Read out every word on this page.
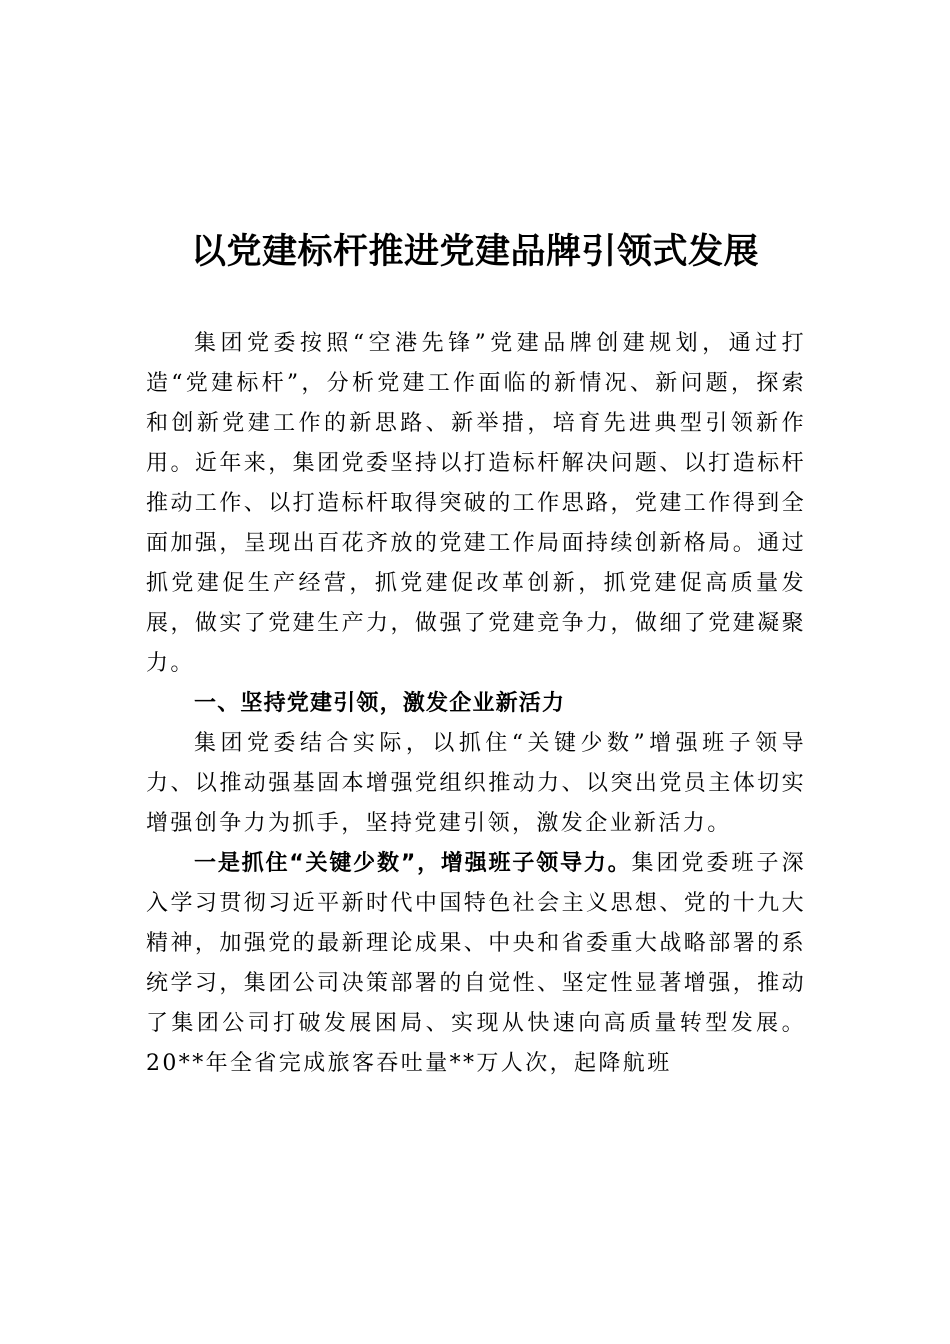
以党建标杆推进党建品牌引领式发展

集团党委按照“空港先锋”党建品牌创建规划，通过打造“党建标杆”，分析党建工作面临的新情况、新问题，探索和创新党建工作的新思路、新举措，培育先进典型引领新作用。近年来，集团党委坚持以打造标杆解决问题、以打造标杆推动工作、以打造标杆取得突破的工作思路，党建工作得到全面加强，呈现出百花齐放的党建工作局面持续创新格局。通过抓党建促生产经营，抓党建促改革创新，抓党建促高质量发展，做实了党建生产力，做强了党建竞争力，做细了党建凝聚力。

一、坚持党建引领，激发企业新活力

集团党委结合实际，以抓住“关键少数”增强班子领导力、以推动强基固本增强党组织推动力、以突出党员主体切实增强创争力为抓手，坚持党建引领，激发企业新活力。

一是抓住“关键少数”，增强班子领导力。集团党委班子深入学习贯彻习近平新时代中国特色社会主义思想、党的十九大精神，加强党的最新理论成果、中央和省委重大战略部署的系统学习，集团公司决策部署的自觉性、坚定性显著增强，推动了集团公司打破发展困局、实现从快速向高质量转型发展。20**年全省完成旅客吞吐量**万人次，起降航班
